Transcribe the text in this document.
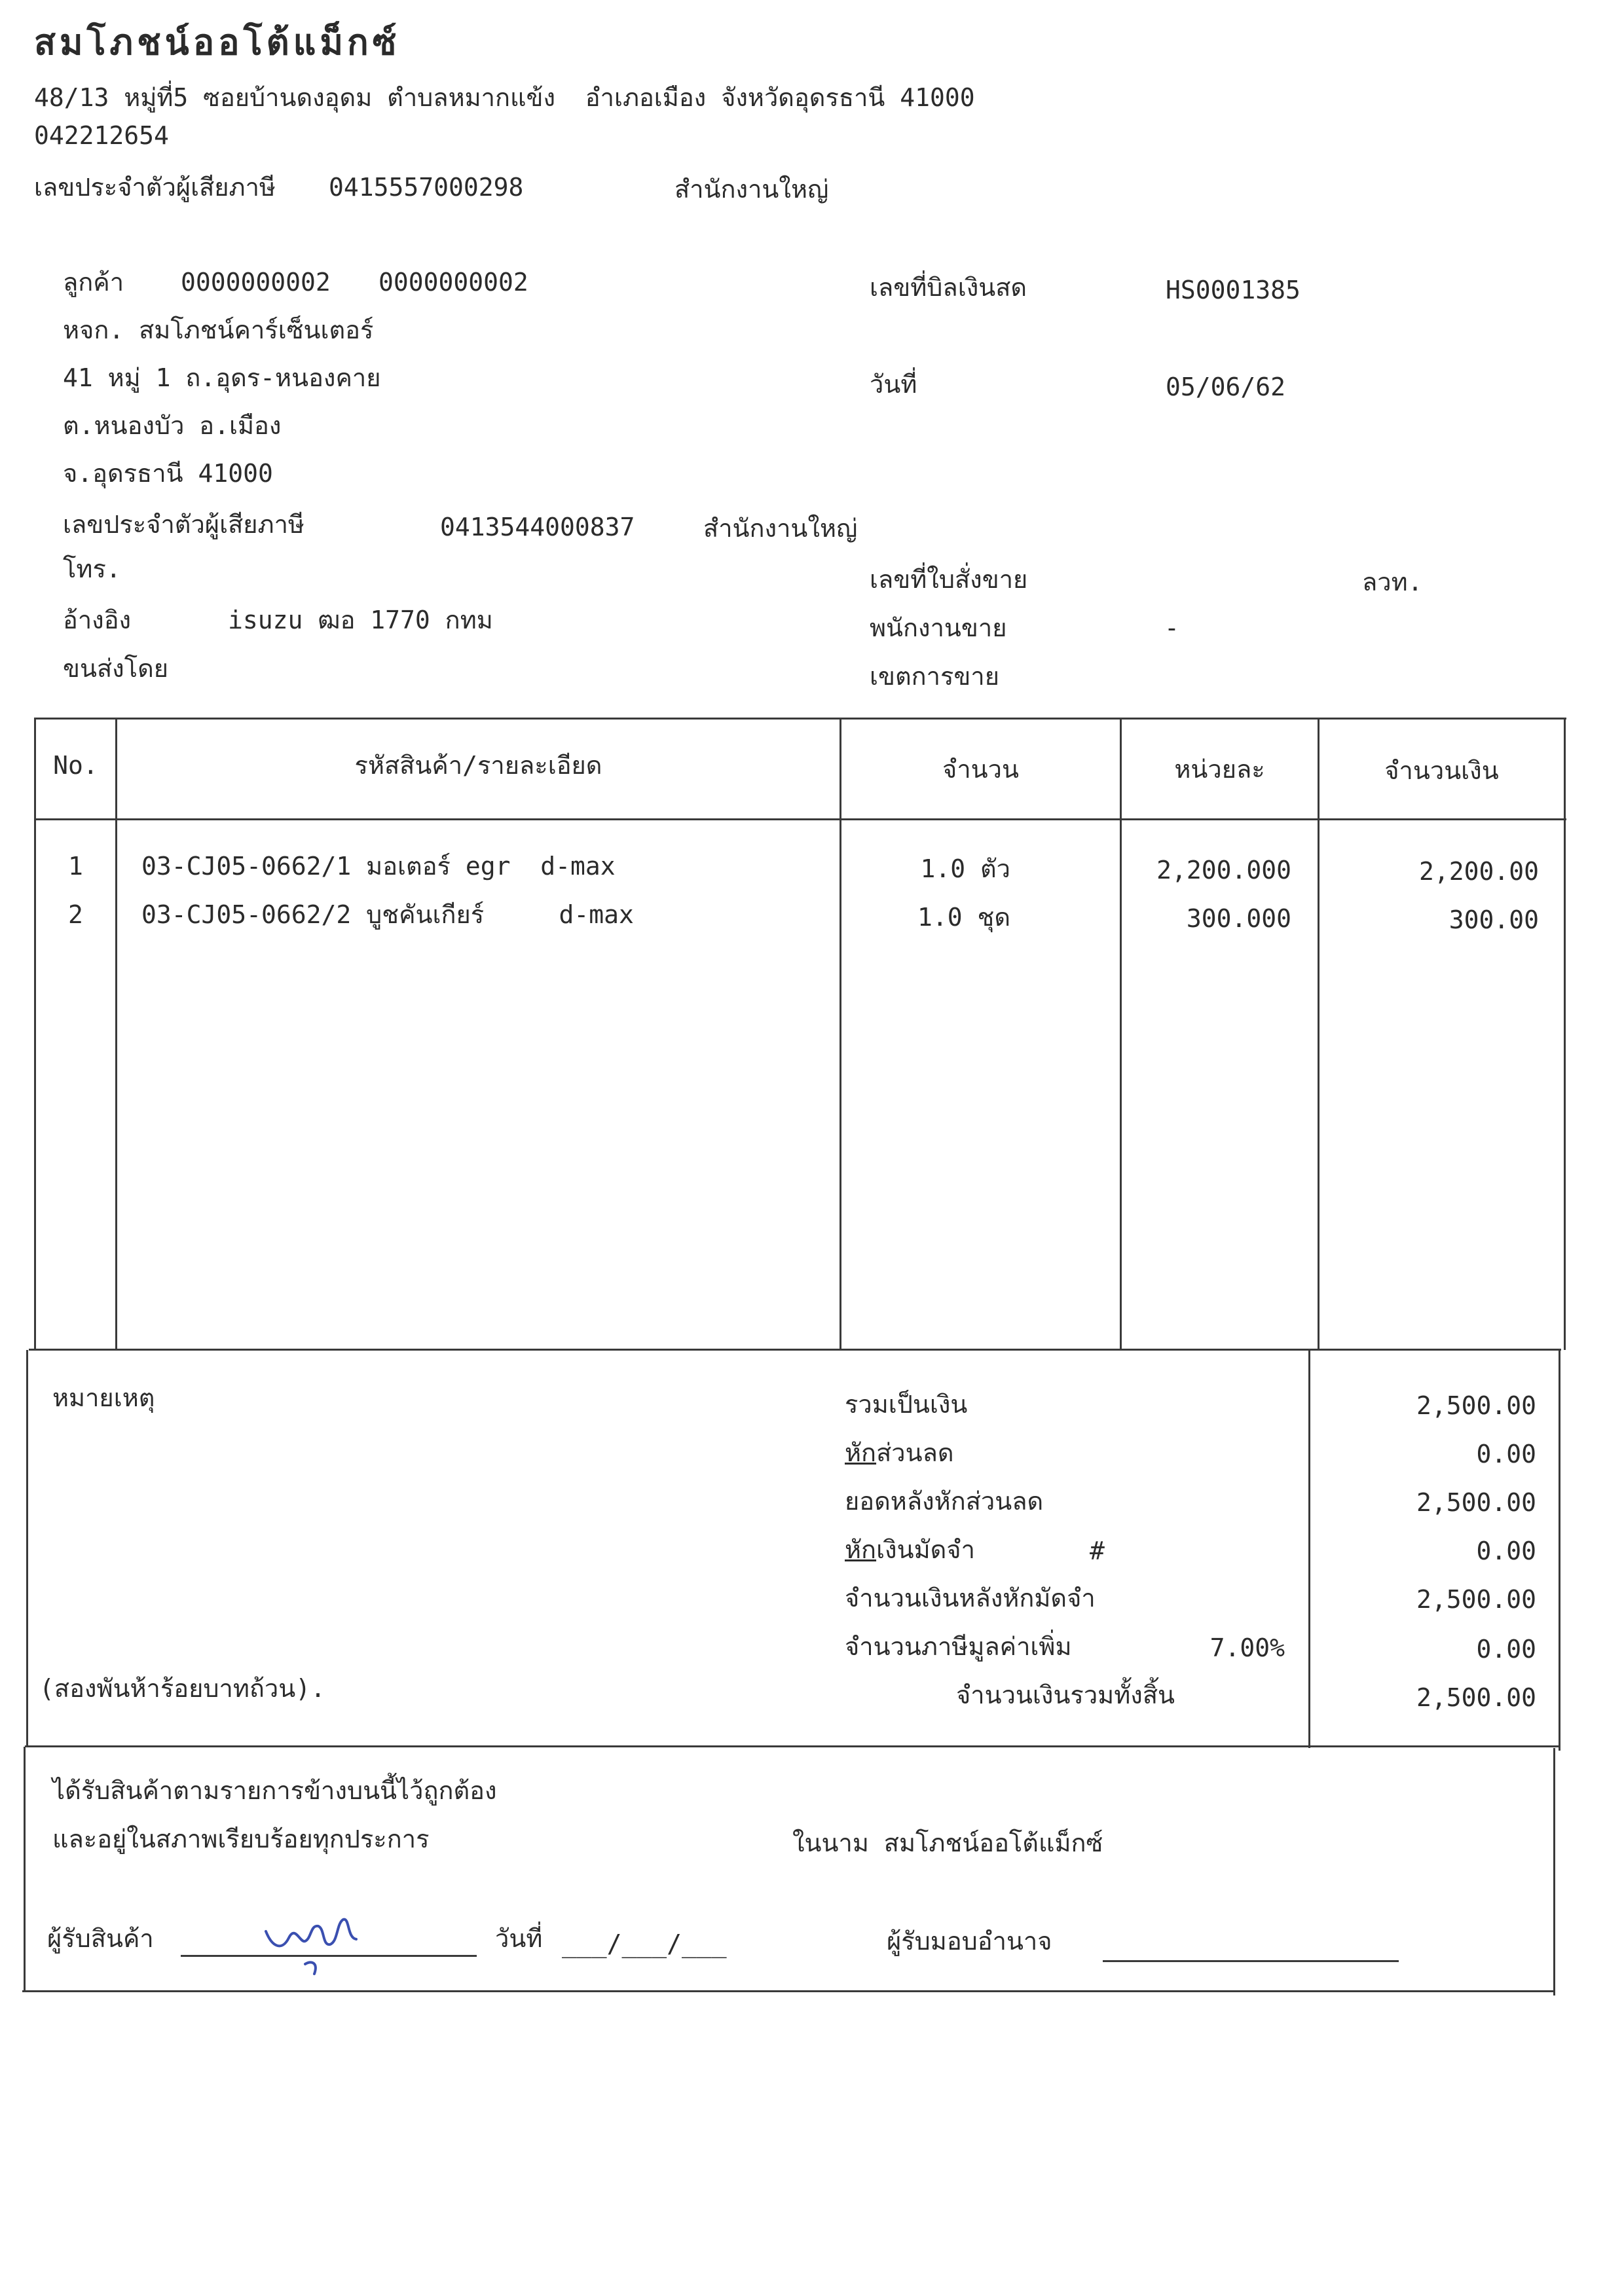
สมโภชน์ออโต้แม็กซ์
48/13 หมู่ที่5 ซอยบ้านดงอุดม ตำบลหมากแข้ง  อำเภอเมือง จังหวัดอุดรธานี 41000
042212654
เลขประจำตัวผู้เสียภาษี 0415557000298	สำนักงานใหญ่
ลูกค้า 0000000002 0000000002
หจก. สมโภชน์คาร์เซ็นเตอร์
41 หมู่ 1 ถ.อุดร-หนองคาย
ต.หนองบัว อ.เมือง
จ.อุดรธานี 41000
เลขประจำตัวผู้เสียภาษี	0413544000837	สำนักงานใหญ่
โทร.
อ้างอิง	isuzu ฒอ 1770 กทม
ขนส่งโดย
เลขที่บิลเงินสด	HS0001385
วันที่	05/06/62
เลขที่ใบสั่งขาย	ลวท.
พนักงานขาย	-
เขตการขาย
No.	รหัสสินค้า/รายละเอียด	จำนวน	หน่วยละ	จำนวนเงิน
1	03-CJ05-0662/1 มอเตอร์ egr  d-max	1.0 ตัว	2,200.000	2,200.00
2	03-CJ05-0662/2 บูชคันเกียร์     d-max	1.0 ชุด	300.000	300.00
หมายเหตุ
(สองพันห้าร้อยบาทถ้วน).
รวมเป็นเงิน	2,500.00
หักส่วนลด	0.00
ยอดหลังหักส่วนลด	2,500.00
หักเงินมัดจำ	#	0.00
จำนวนเงินหลังหักมัดจำ	2,500.00
จำนวนภาษีมูลค่าเพิ่ม	7.00%	0.00
จำนวนเงินรวมทั้งสิ้น	2,500.00
ได้รับสินค้าตามรายการข้างบนนี้ไว้ถูกต้อง
และอยู่ในสภาพเรียบร้อยทุกประการ	ในนาม สมโภชน์ออโต้แม็กซ์
ผู้รับสินค้า	วันที่ ___/___/___	ผู้รับมอบอำนาจ
